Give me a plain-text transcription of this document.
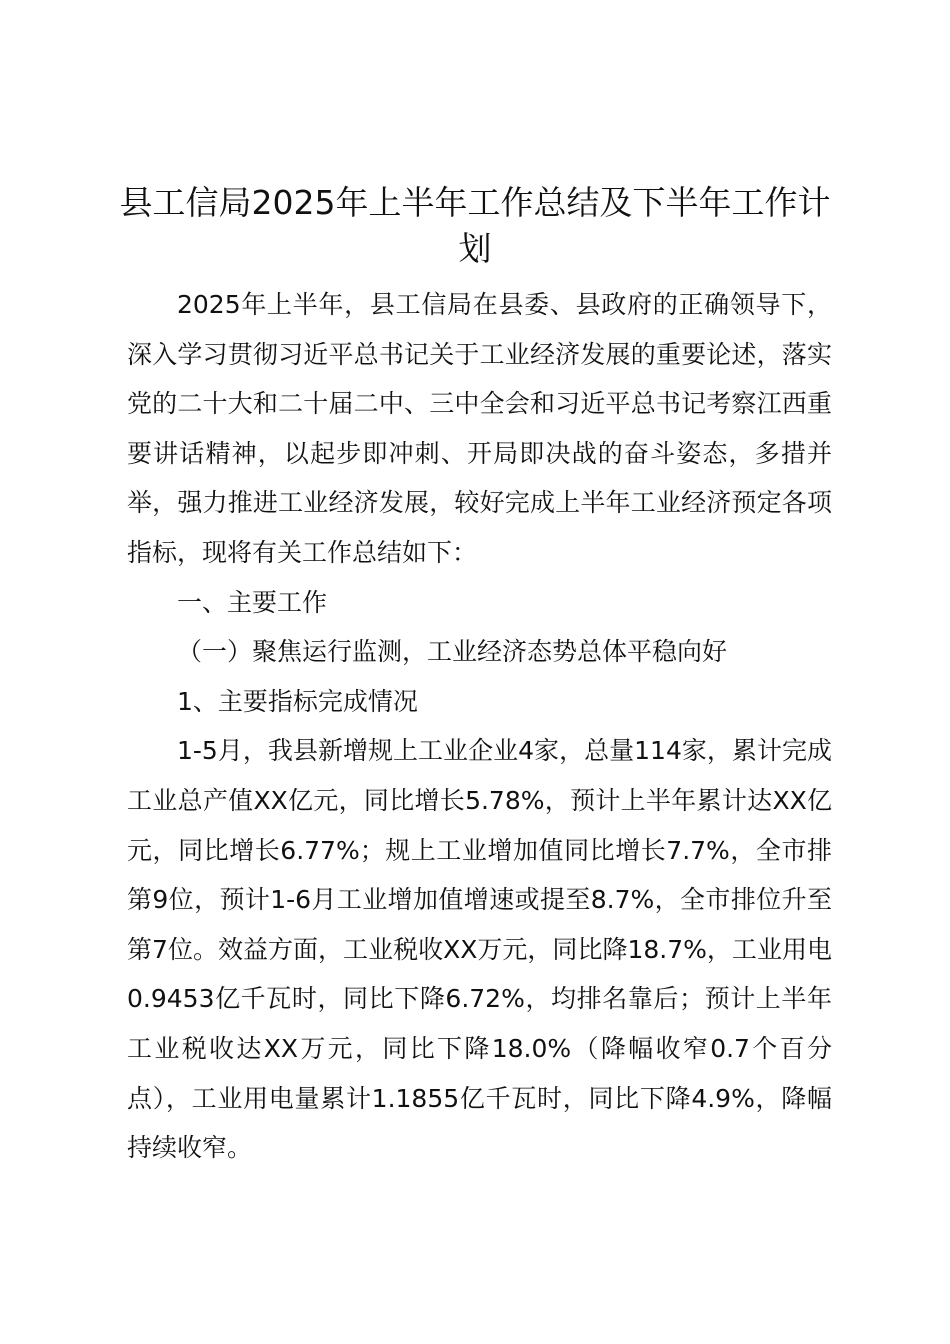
县工信局2025年上半年工作总结及下半年工作计划

2025年上半年，县工信局在县委、县政府的正确领导下，深入学习贯彻习近平总书记关于工业经济发展的重要论述，落实党的二十大和二十届二中、三中全会和习近平总书记考察江西重要讲话精神，以起步即冲刺、开局即决战的奋斗姿态，多措并举，强力推进工业经济发展，较好完成上半年工业经济预定各项指标，现将有关工作总结如下：

一、主要工作

（一）聚焦运行监测，工业经济态势总体平稳向好

1、主要指标完成情况

1-5月，我县新增规上工业企业4家，总量114家，累计完成工业总产值XX亿元，同比增长5.78%，预计上半年累计达XX亿元，同比增长6.77%；规上工业增加值同比增长7.7%，全市排第9位，预计1-6月工业增加值增速或提至8.7%，全市排位升至第7位。效益方面，工业税收XX万元，同比降18.7%，工业用电0.9453亿千瓦时，同比下降6.72%，均排名靠后；预计上半年工业税收达XX万元，同比下降18.0%（降幅收窄0.7个百分点），工业用电量累计1.1855亿千瓦时，同比下降4.9%，降幅持续收窄。
